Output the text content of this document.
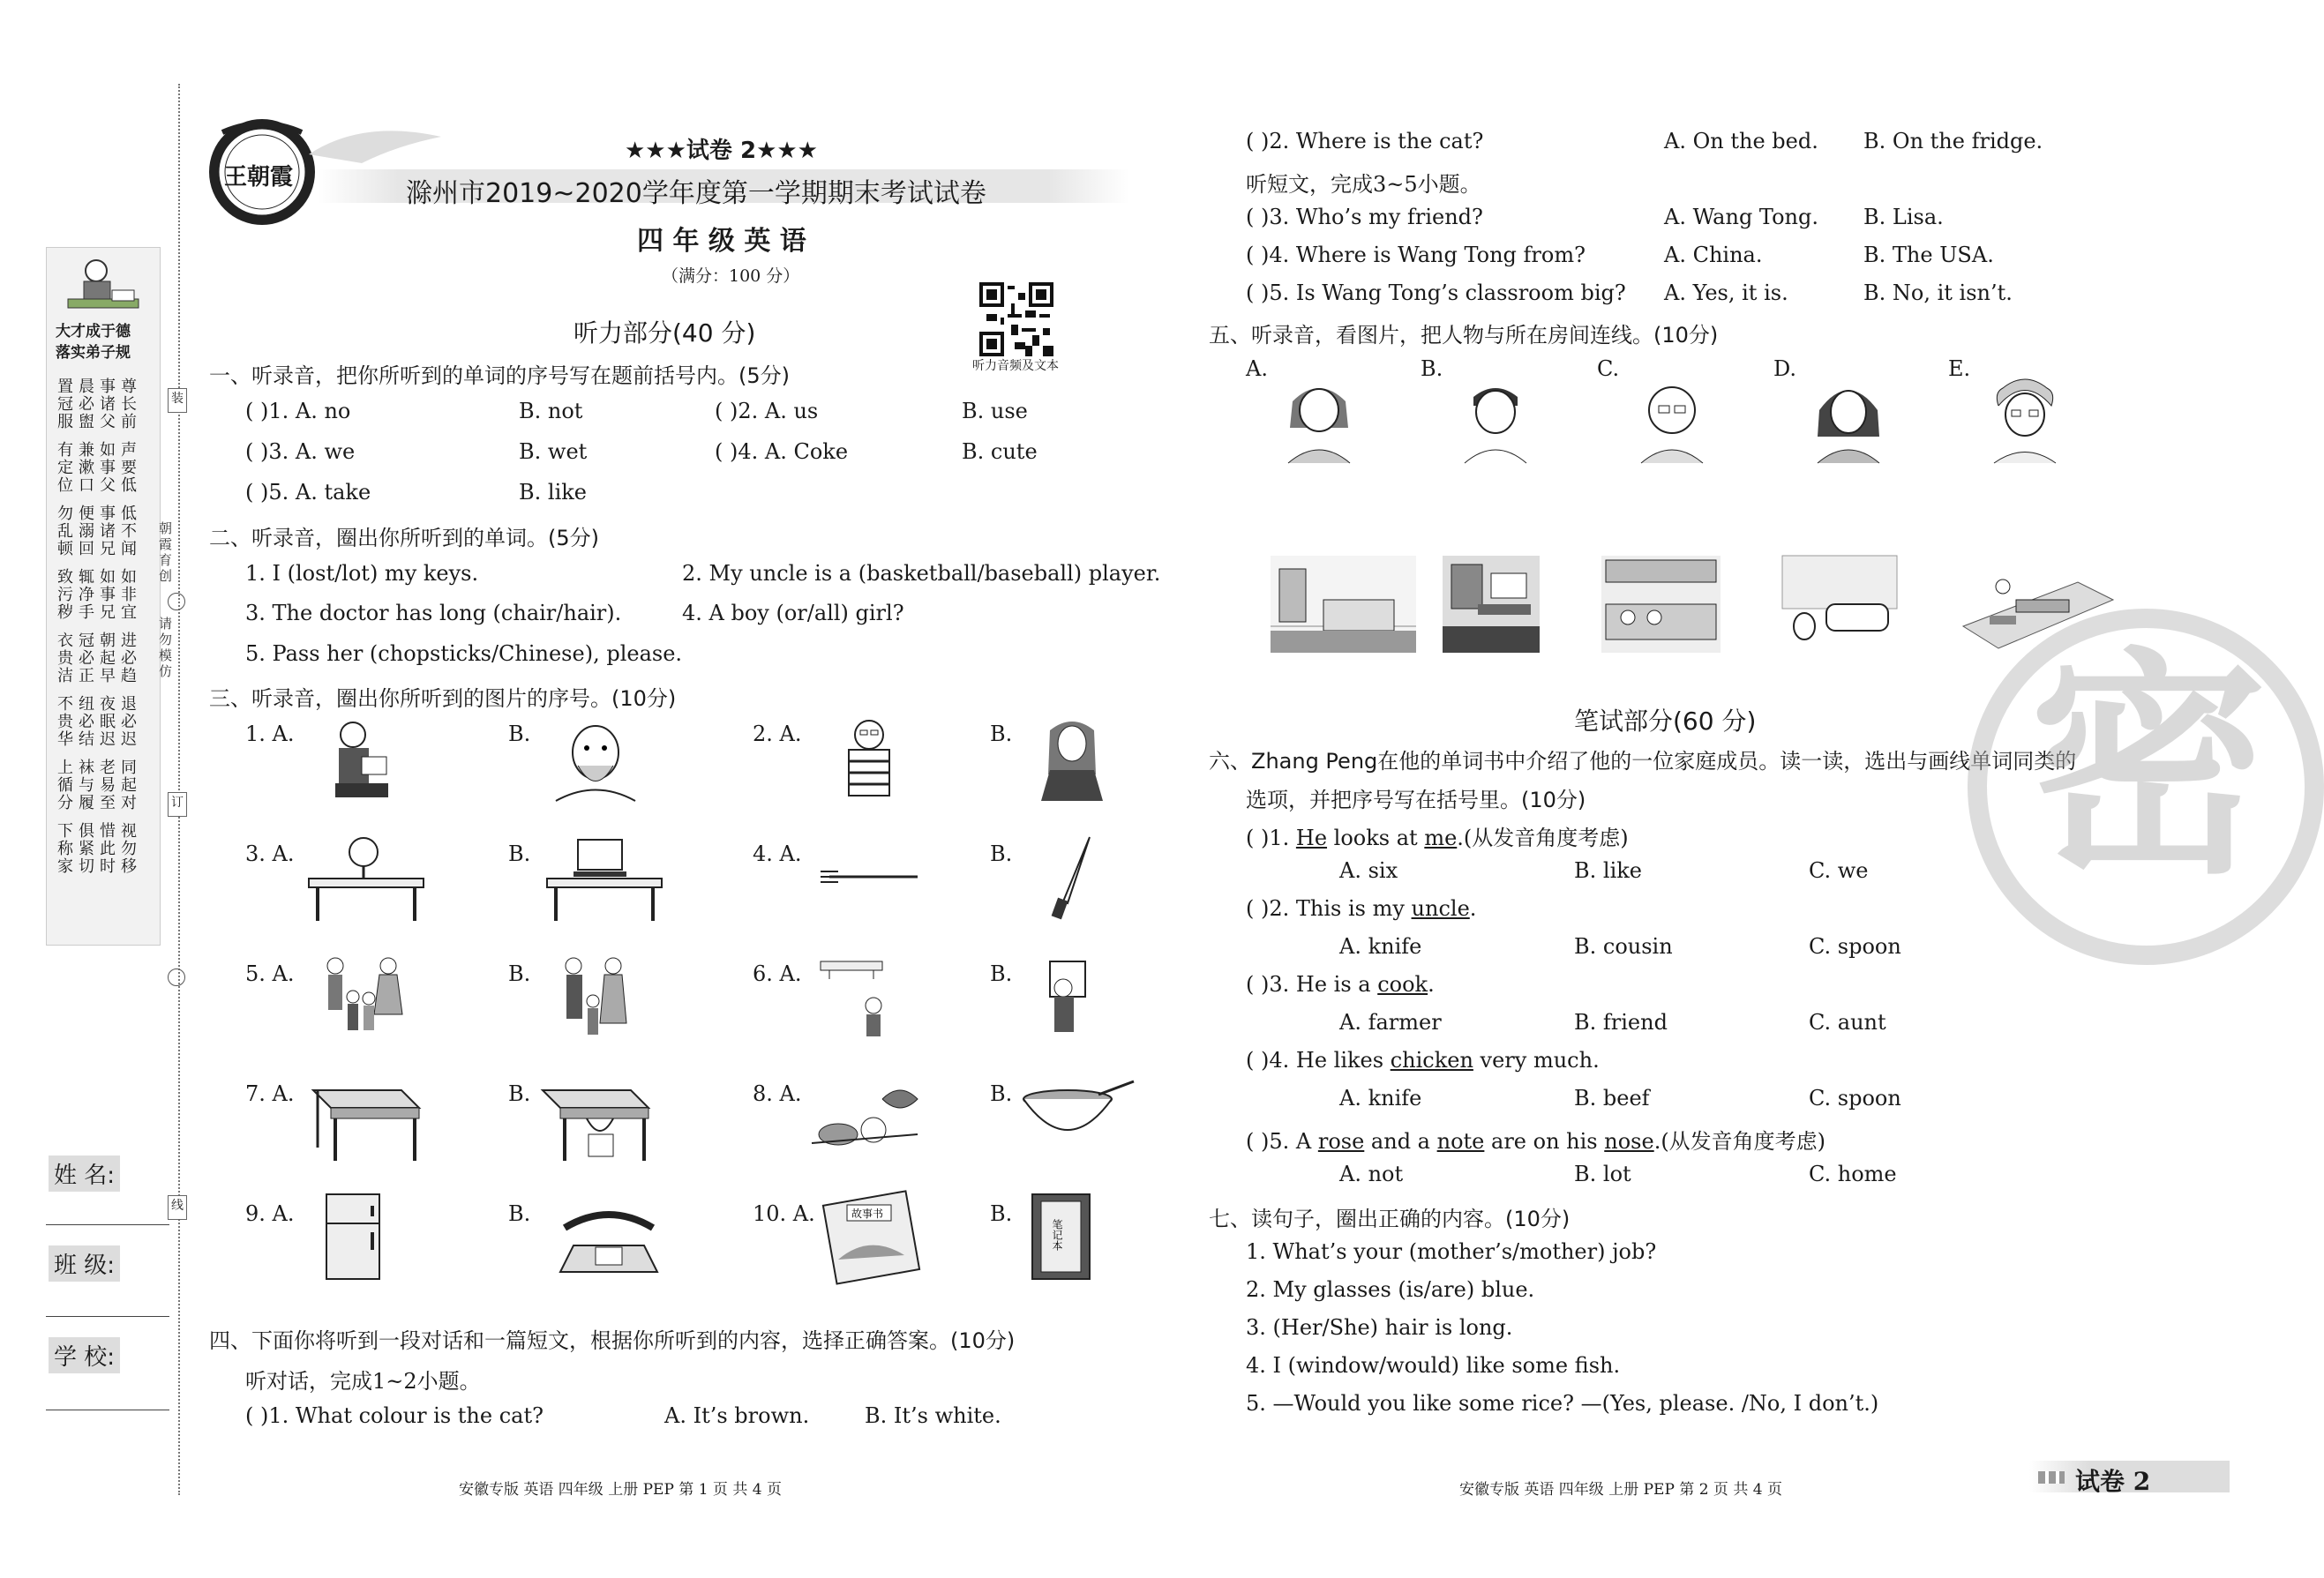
大才成于德
落实弟子规
置晨事尊
冠必诸长
服盥父前
有兼如声
定漱事要
位口父低
勿便事低
乱溺诸不
顿回兄闻
致辄如如
污净事非
秽手兄宜
衣冠朝进
贵必起必
洁正早趋
不纽夜退
贵必眠必
华结迟迟
上袜老同
循与易起
分履至对
下俱惜视
称紧此勿
家切时移
装
朝霞育创
请勿模仿
订
线
姓 名:
班 级:
学 校:
王朝霞
★★★试卷 2★★★
滁州市2019~2020学年度第一学期期末考试试卷
四 年 级 英 语
（满分：100 分）
听力音频及文本
听力部分(40 分)
一、听录音，把你所听到的单词的序号写在题前括号内。(5分)
( )1. A. no	B. not	( )2. A. us	B. use
( )3. A. we	B. wet	( )4. A. Coke	B. cute
( )5. A. take	B. like
二、听录音，圈出你所听到的单词。(5分)
1. I (lost/lot) my keys.	2. My uncle is a (basketball/baseball) player.
3. The doctor has long (chair/hair).	4. A boy (or/all) girl?
5. Pass her (chopsticks/Chinese), please.
三、听录音，圈出你所听到的图片的序号。(10分)
1. A.	B.	2. A.	B.
3. A.	B.	4. A.	B.
5. A.	B.	6. A.	B.
7. A.	B.	8. A.	B.
9. A.	B.	10. A.	B.
故事书
笔记本
四、下面你将听到一段对话和一篇短文，根据你所听到的内容，选择正确答案。(10分)
听对话，完成1~2小题。
( )1. What colour is the cat?	A. It’s brown.	B. It’s white.
安徽专版 英语 四年级 上册 PEP 第 1 页 共 4 页
( )2. Where is the cat?	A. On the bed. B. On the fridge.
听短文，完成3~5小题。
( )3. Who’s my friend?	A. Wang Tong. B. Lisa.
( )4. Where is Wang Tong from?	A. China.	B. The USA.
( )5. Is Wang Tong’s classroom big? A. Yes, it is.	B. No, it isn’t.
五、听录音，看图片，把人物与所在房间连线。(10分)
A.	B.	C.	D.	E.
笔试部分(60 分)
六、Zhang Peng在他的单词书中介绍了他的一位家庭成员。读一读，选出与画线单词同类的
选项，并把序号写在括号里。(10分)
( )1. He looks at me.(从发音角度考虑)
A. six	B. like	C. we
( )2. This is my uncle.
A. knife	B. cousin	C. spoon
( )3. He is a cook.
A. farmer	B. friend	C. aunt
( )4. He likes chicken very much.
A. knife	B. beef	C. spoon
( )5. A rose and a note are on his nose.(从发音角度考虑)
A. not	B. lot	C. home
七、读句子，圈出正确的内容。(10分)
1. What’s your (mother’s/mother) job?
2. My glasses (is/are) blue.
3. (Her/She) hair is long.
4. I (window/would) like some fish.
5. —Would you like some rice? —(Yes, please. /No, I don’t.)
安徽专版 英语 四年级 上册 PEP 第 2 页 共 4 页	试卷 2
密
